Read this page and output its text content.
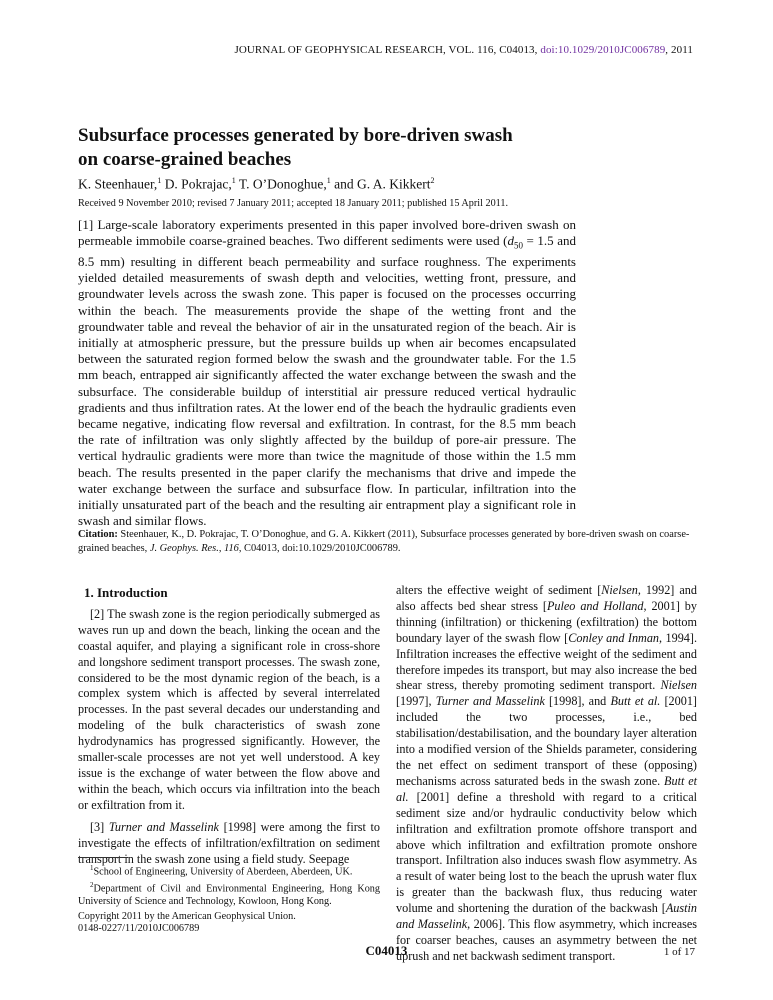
JOURNAL OF GEOPHYSICAL RESEARCH, VOL. 116, C04013, doi:10.1029/2010JC006789, 2011
Subsurface processes generated by bore-driven swash
on coarse-grained beaches
K. Steenhauer,$^1$ D. Pokrajac,$^1$ T. O’Donoghue,$^1$ and G. A. Kikkert$^2$
Received 9 November 2010; revised 7 January 2011; accepted 18 January 2011; published 15 April 2011.
[1] Large-scale laboratory experiments presented in this paper involved bore-driven swash on permeable immobile coarse-grained beaches. Two different sediments were used ($d_{50} = 1.5$ and 8.5 mm) resulting in different beach permeability and surface roughness. The experiments yielded detailed measurements of swash depth and velocities, wetting front, pressure, and groundwater levels across the swash zone. This paper is focused on the processes occurring within the beach. The measurements provide the shape of the wetting front and the groundwater table and reveal the behavior of air in the unsaturated region of the beach. Air is initially at atmospheric pressure, but the pressure builds up when air becomes encapsulated between the saturated region formed below the swash and the groundwater table. For the 1.5 mm beach, entrapped air significantly affected the water exchange between the swash and the subsurface. The considerable buildup of interstitial air pressure reduced vertical hydraulic gradients and thus infiltration rates. At the lower end of the beach the hydraulic gradients even became negative, indicating flow reversal and exfiltration. In contrast, for the 8.5 mm beach the rate of infiltration was only slightly affected by the buildup of pore-air pressure. The vertical hydraulic gradients were more than twice the magnitude of those within the 1.5 mm beach. The results presented in the paper clarify the mechanisms that drive and impede the water exchange between the surface and subsurface flow. In particular, infiltration into the initially unsaturated part of the beach and the resulting air entrapment play a significant role in swash and similar flows.
Citation: Steenhauer, K., D. Pokrajac, T. O’Donoghue, and G. A. Kikkert (2011), Subsurface processes generated by bore-driven swash on coarse-grained beaches, J. Geophys. Res., 116, C04013, doi:10.1029/2010JC006789.
1. Introduction

[2] The swash zone is the region periodically submerged as waves run up and down the beach, linking the ocean and the coastal aquifer, and playing a significant role in cross-shore and longshore sediment transport processes. The swash zone, considered to be the most dynamic region of the beach, is a complex system which is affected by several interrelated processes. In the past several decades our understanding and modeling of the bulk characteristics of swash zone hydrodynamics has progressed significantly. However, the smaller-scale processes are not yet well understood. A key issue is the exchange of water between the flow above and within the beach, which occurs via infiltration into the beach or exfiltration from it.

[3] Turner and Masselink [1998] were among the first to investigate the effects of infiltration/exfiltration on sediment transport in the swash zone using a field study. Seepage

alters the effective weight of sediment [Nielsen, 1992] and also affects bed shear stress [Puleo and Holland, 2001] by thinning (infiltration) or thickening (exfiltration) the bottom boundary layer of the swash flow [Conley and Inman, 1994]. Infiltration increases the effective weight of the sediment and therefore impedes its transport, but may also increase the bed shear stress, thereby promoting sediment transport. Nielsen [1997], Turner and Masselink [1998], and Butt et al. [2001] included the two processes, i.e., bed stabilisation/destabilisation, and the boundary layer alteration into a modified version of the Shields parameter, considering the net effect on sediment transport of these (opposing) mechanisms across saturated beds in the swash zone. Butt et al. [2001] define a threshold with regard to a critical sediment size and/or hydraulic conductivity below which infiltration and exfiltration promote offshore transport and above which infiltration and exfiltration promote onshore transport. Infiltration also induces swash flow asymmetry. As a result of water being lost to the beach the uprush water flux is greater than the backwash flux, thus reducing water volume and shortening the duration of the backwash [Austin and Masselink, 2006]. This flow asymmetry, which increases for coarser beaches, causes an asymmetry between the net uprush and net backwash sediment transport.

$^1$School of Engineering, University of Aberdeen, Aberdeen, UK.

$^2$Department of Civil and Environmental Engineering, Hong Kong University of Science and Technology, Kowloon, Hong Kong.

Copyright 2011 by the American Geophysical Union.
0148-0227/11/2010JC006789
C04013	1 of 17
